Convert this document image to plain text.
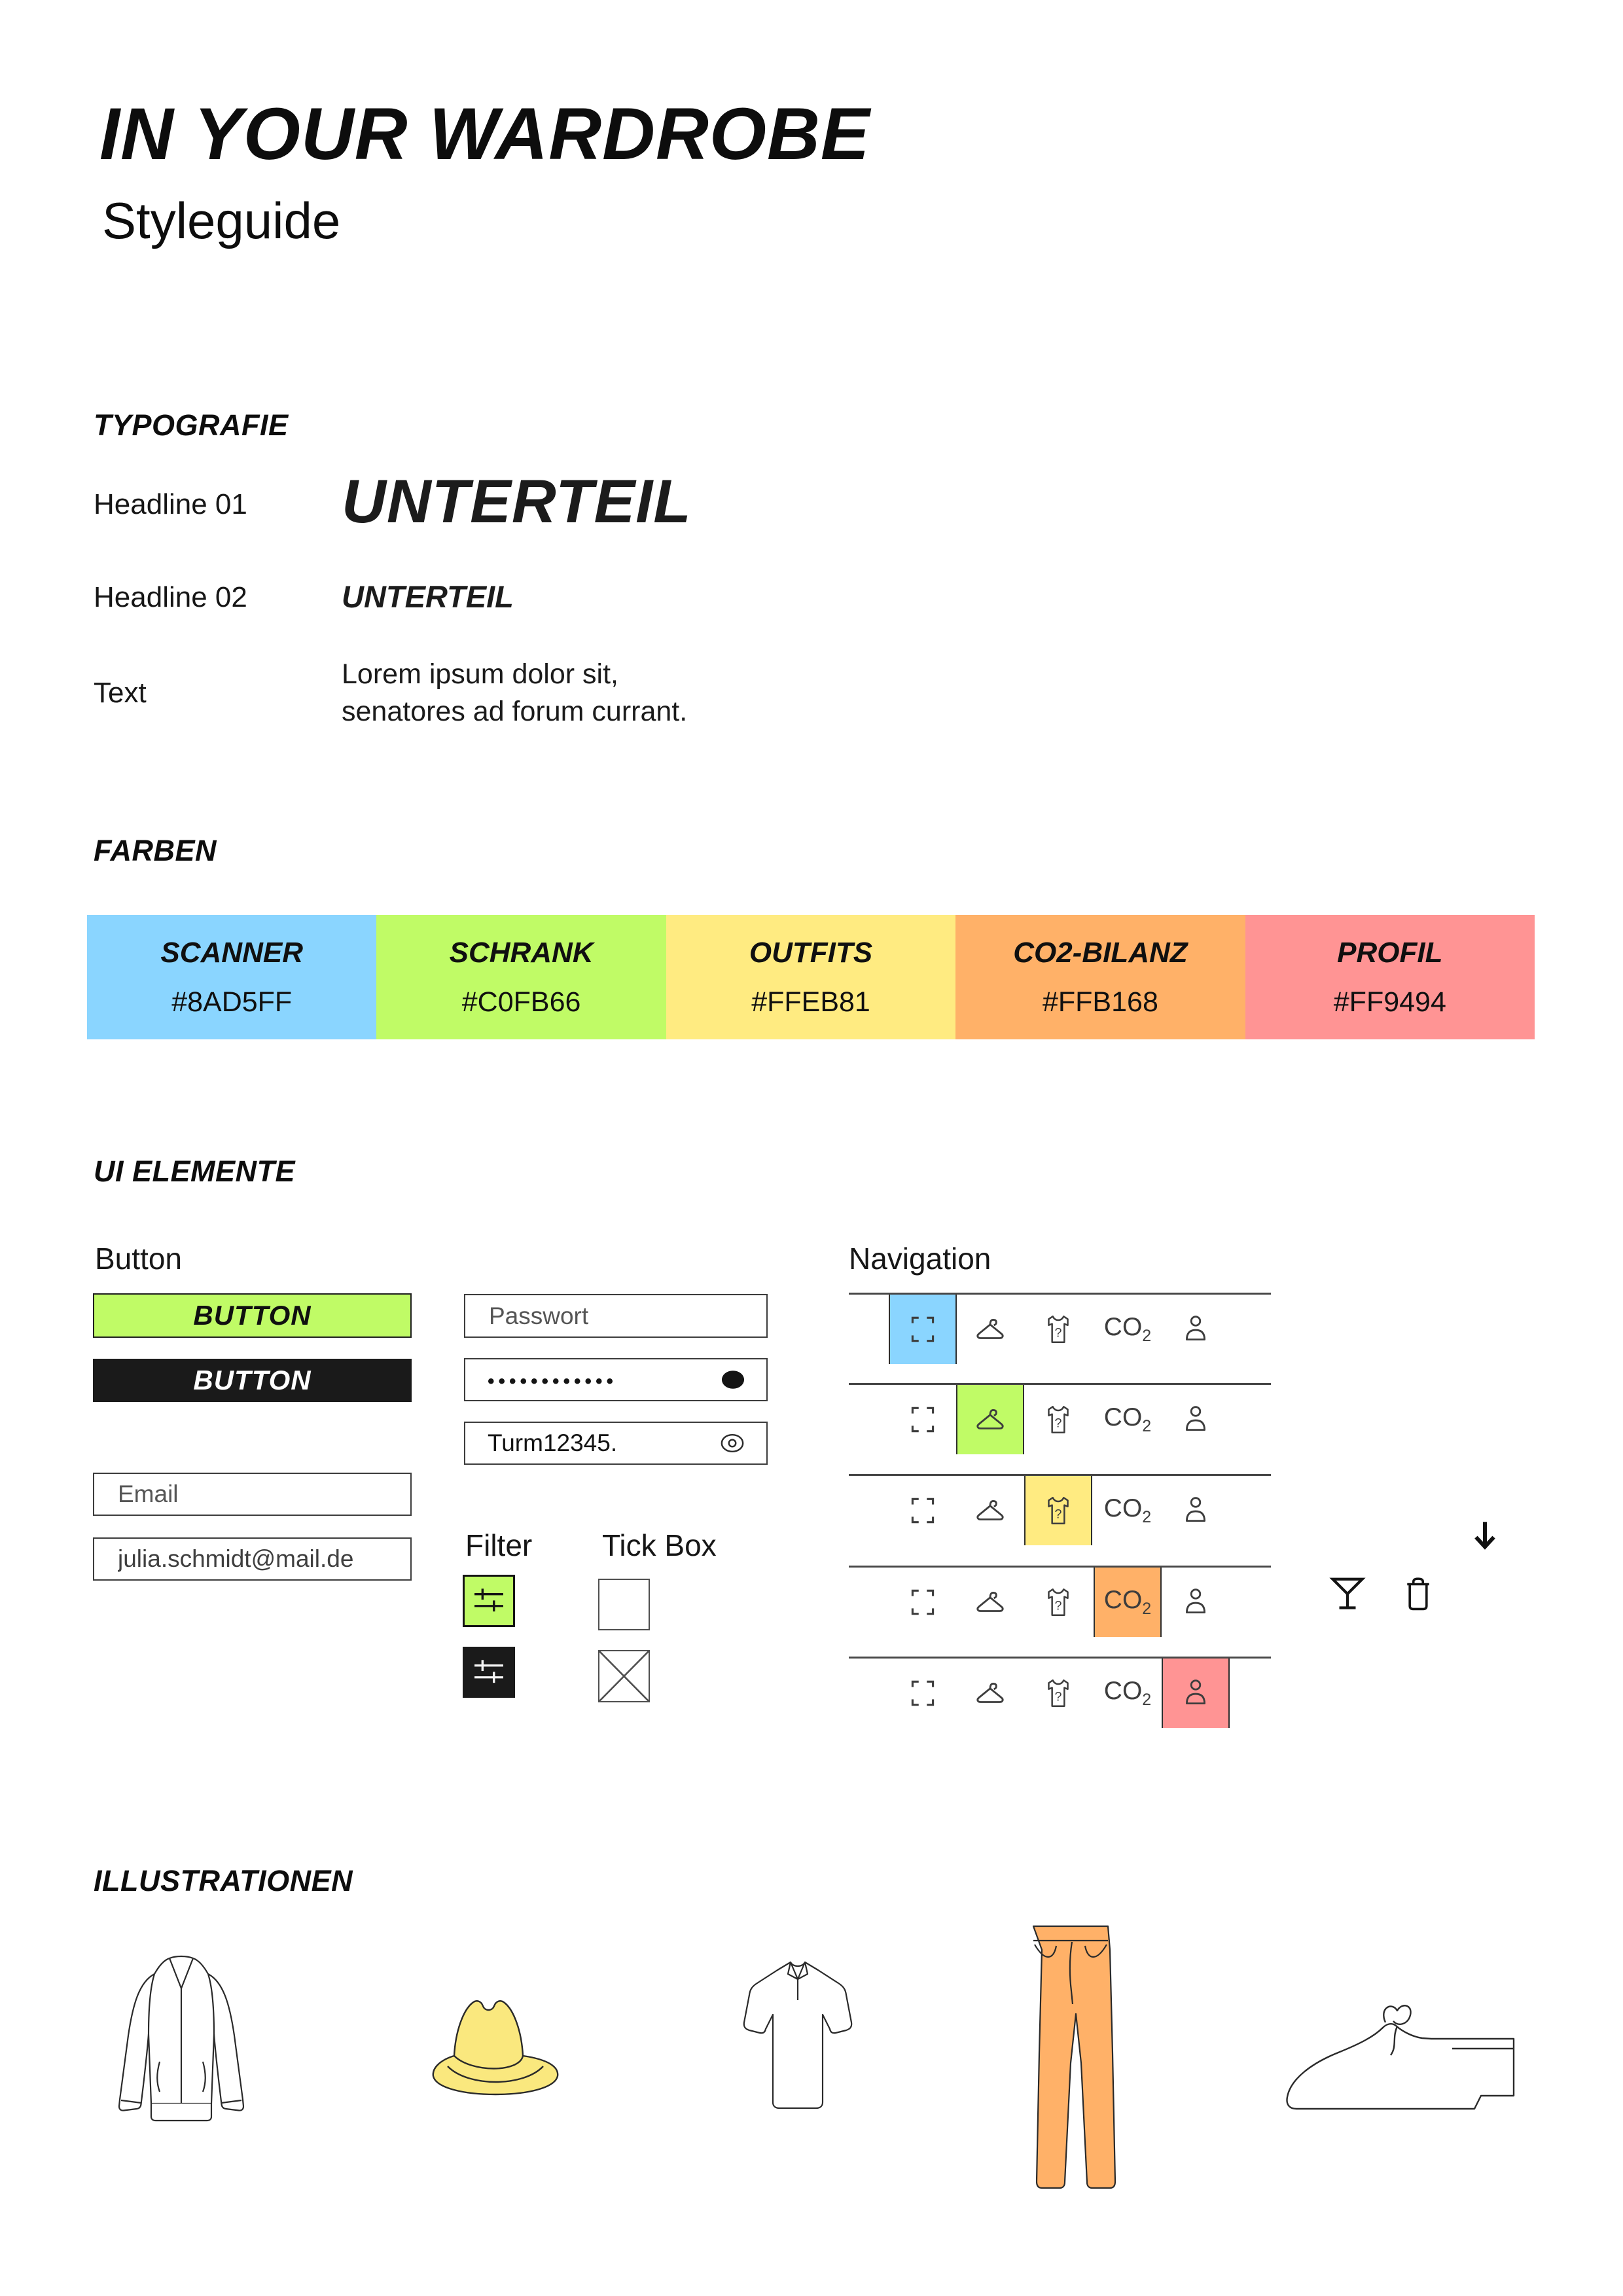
IN YOUR WARDROBE
Styleguide
TYPOGRAFIE
Headline 01 UNTERTEIL
Headline 02	UNTERTEIL
Text
Lorem ipsum dolor sit,
senatores ad forum currant.
FARBEN
SCANNER
#8AD5FF
SCHRANK
#C0FB66
OUTFITS
#FFEB81
CO2-BILANZ
#FFB168
PROFIL
#FF9494
UI ELEMENTE
Button
BUTTON
BUTTON
Email
julia.schmidt@mail.de
Passwort	••••••••••••
Turm12345.
Filter Tick Box
Navigation
$CO_2$
$CO_2$
$CO_2$
$CO_2$
$CO_2$
ILLUSTRATIONEN
